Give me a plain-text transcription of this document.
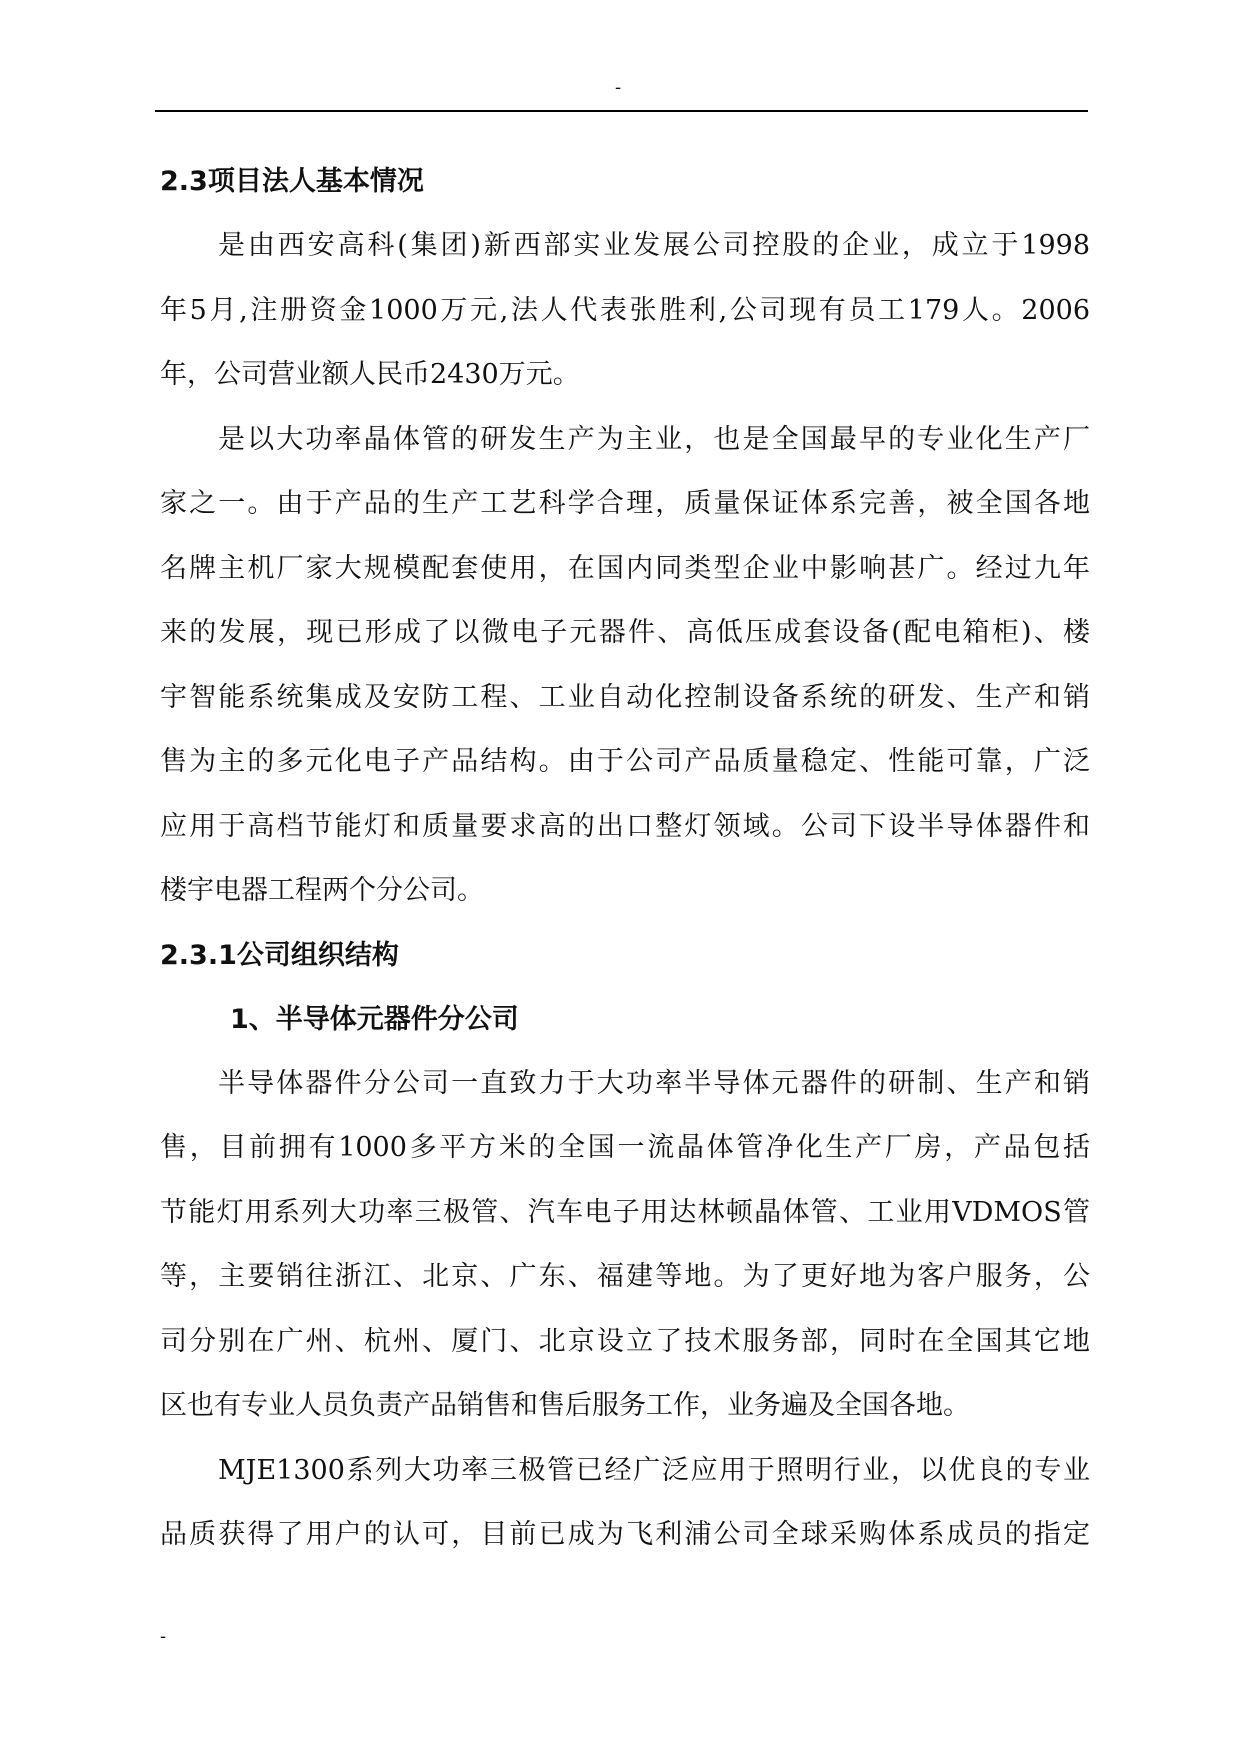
-
2.3项目法人基本情况
是由西安高科(集团)新西部实业发展公司控股的企业，成立于1998
年5月,注册资金1000万元,法人代表张胜利,公司现有员工179人。2006
年，公司营业额人民币2430万元。
是以大功率晶体管的研发生产为主业，也是全国最早的专业化生产厂
家之一。由于产品的生产工艺科学合理，质量保证体系完善，被全国各地
名牌主机厂家大规模配套使用，在国内同类型企业中影响甚广。经过九年
来的发展，现已形成了以微电子元器件、高低压成套设备(配电箱柜)、楼
宇智能系统集成及安防工程、工业自动化控制设备系统的研发、生产和销
售为主的多元化电子产品结构。由于公司产品质量稳定、性能可靠，广泛
应用于高档节能灯和质量要求高的出口整灯领域。公司下设半导体器件和
楼宇电器工程两个分公司。
2.3.1公司组织结构
1、半导体元器件分公司
半导体器件分公司一直致力于大功率半导体元器件的研制、生产和销
售，目前拥有1000多平方米的全国一流晶体管净化生产厂房，产品包括
节能灯用系列大功率三极管、汽车电子用达林顿晶体管、工业用VDMOS管
等，主要销往浙江、北京、广东、福建等地。为了更好地为客户服务，公
司分别在广州、杭州、厦门、北京设立了技术服务部，同时在全国其它地
区也有专业人员负责产品销售和售后服务工作，业务遍及全国各地。
MJE1300系列大功率三极管已经广泛应用于照明行业，以优良的专业
品质获得了用户的认可，目前已成为飞利浦公司全球采购体系成员的指定
-
